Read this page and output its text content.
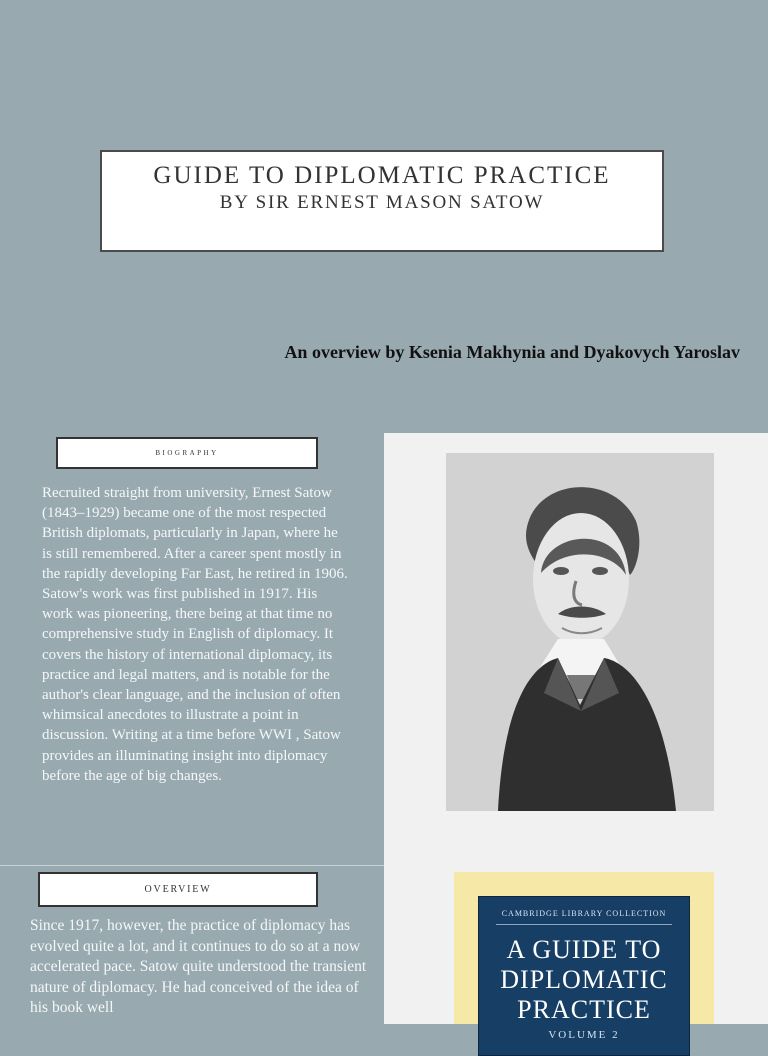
GUIDE TO DIPLOMATIC PRACTICE
BY SIR ERNEST MASON SATOW
An overview by Ksenia Makhynia and Dyakovych Yaroslav
BIOGRAPHY
Recruited straight from university, Ernest Satow (1843–1929) became one of the most respected British diplomats, particularly in Japan, where he is still remembered. After a career spent mostly in the rapidly developing Far East, he retired in 1906. Satow's work was first published in 1917. His work was pioneering, there being at that time no comprehensive study in English of diplomacy. It covers the history of international diplomacy, its practice and legal matters, and is notable for the author's clear language, and the inclusion of often whimsical anecdotes to illustrate a point in discussion. Writing at a time before WWI , Satow provides an illuminating insight into diplomacy before the age of big changes.
OVERVIEW
Since 1917, however, the practice of diplomacy has evolved quite a lot, and it continues to do so at a now accelerated pace. Satow quite understood the transient nature of diplomacy. He had conceived of the idea of his book well
CAMBRIDGE LIBRARY COLLECTION
A GUIDE TO
DIPLOMATIC
PRACTICE
VOLUME 2
